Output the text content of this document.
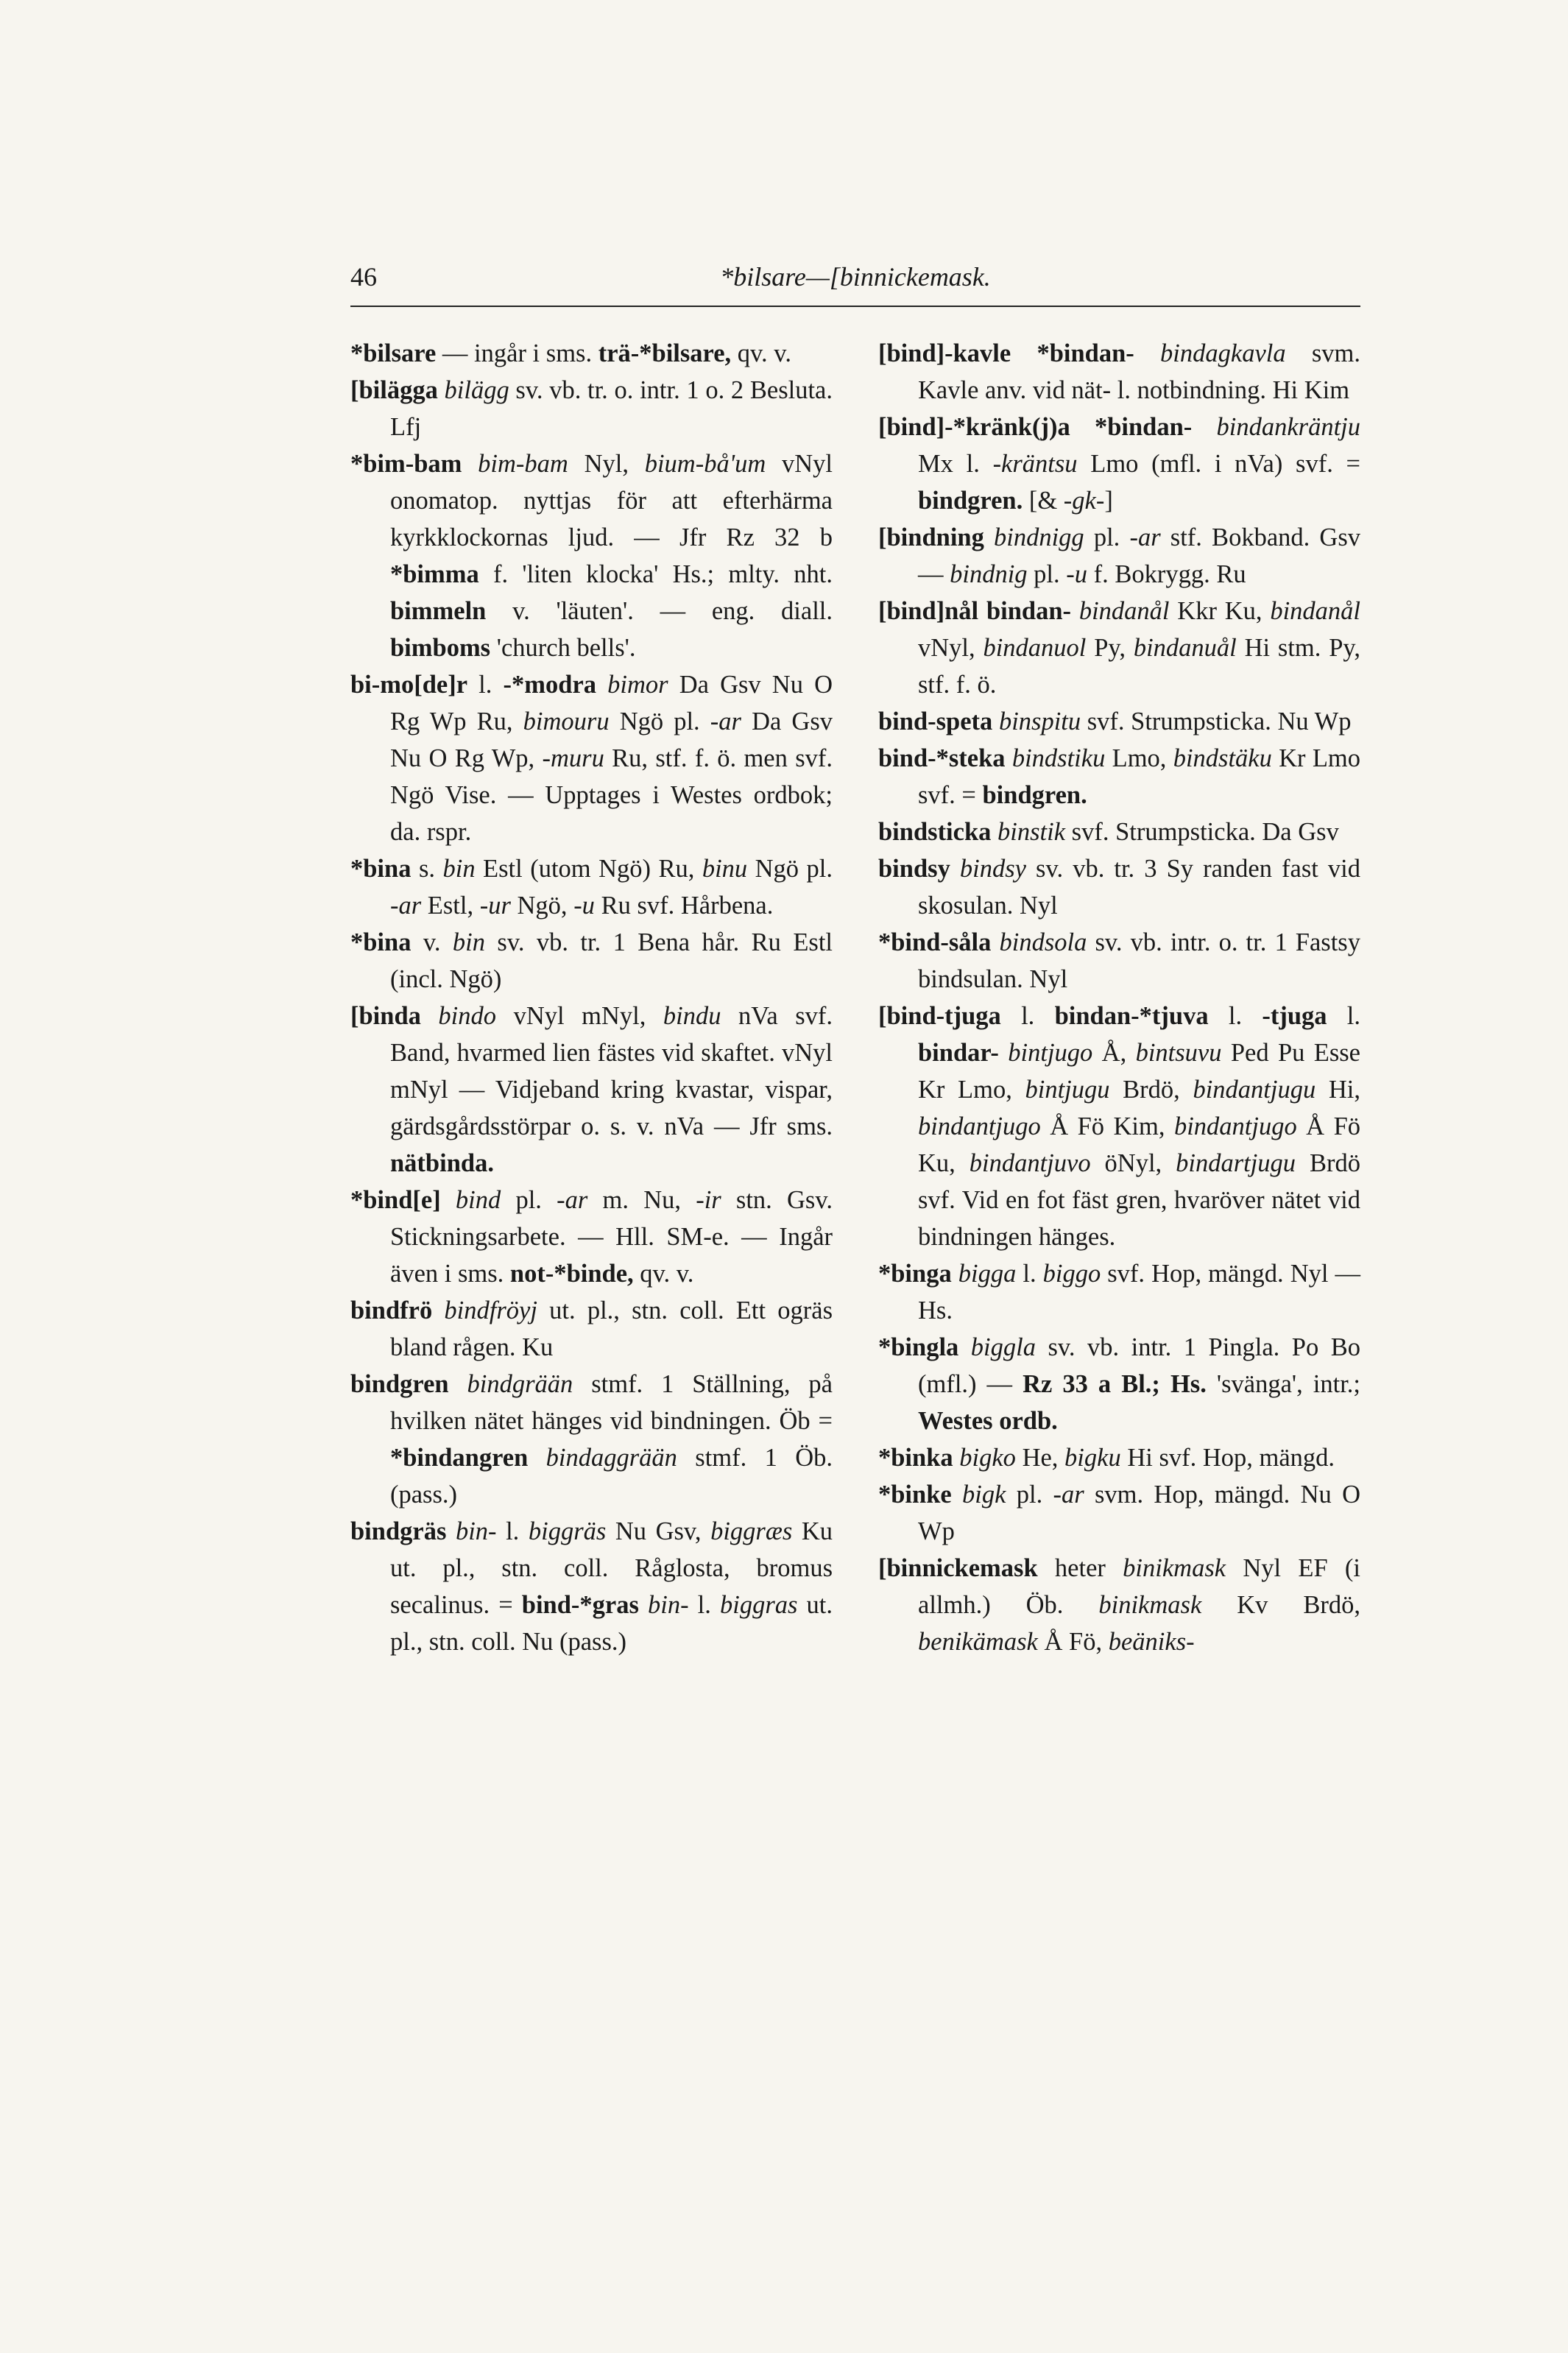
46	*bilsare—[binnickemask.

*bilsare — ingår i sms. trä-*bilsare, qv. v.

[bilägga bilägg sv. vb. tr. o. intr. 1 o. 2 Besluta. Lfj

*bim-bam bim-bam Nyl, bium-bå'um vNyl onomatop. nyttjas för att efterhärma kyrkklockornas ljud. — Jfr Rz 32 b *bimma f. 'liten klocka' Hs.; mlty. nht. bimmeln v. 'läuten'. — eng. diall. bimboms 'church bells'.

bi-mo[de]r l. -*modra bimor Da Gsv Nu O Rg Wp Ru, bimouru Ngö pl. -ar Da Gsv Nu O Rg Wp, -muru Ru, stf. f. ö. men svf. Ngö Vise. — Upptages i Westes ordbok; da. rspr.

*bina s. bin Estl (utom Ngö) Ru, binu Ngö pl. -ar Estl, -ur Ngö, -u Ru svf. Hårbena.

*bina v. bin sv. vb. tr. 1 Bena hår. Ru Estl (incl. Ngö)

[binda bindo vNyl mNyl, bindu nVa svf. Band, hvarmed lien fästes vid skaftet. vNyl mNyl — Vidjeband kring kvastar, vispar, gärdsgårdsstörpar o. s. v. nVa — Jfr sms. nätbinda.

*bind[e] bind pl. -ar m. Nu, -ir stn. Gsv. Stickningsarbete. — Hll. SM-e. — Ingår även i sms. not-*binde, qv. v.

bindfrö bindfröyj ut. pl., stn. coll. Ett ogräs bland rågen. Ku

bindgren bindgrään stmf. 1 Ställning, på hvilken nätet hänges vid bindningen. Öb = *bindangren bindaggrään stmf. 1 Öb. (pass.)

bindgräs bin- l. biggräs Nu Gsv, biggræs Ku ut. pl., stn. coll. Råglosta, bromus secalinus. = bind-*gras bin- l. biggras ut. pl., stn. coll. Nu (pass.)

[bind]-kavle *bindan- bindagkavla svm. Kavle anv. vid nät- l. notbindning. Hi Kim

[bind]-*kränk(j)a *bindan- bindankräntju Mx l. -kräntsu Lmo (mfl. i nVa) svf. = bindgren. [& -gk-]

[bindning bindnigg pl. -ar stf. Bokband. Gsv — bindnig pl. -u f. Bokrygg. Ru

[bind]nål bindan- bindanål Kkr Ku, bindanål vNyl, bindanuol Py, bindanuål Hi stm. Py, stf. f. ö.

bind-speta binspitu svf. Strumpsticka. Nu Wp

bind-*steka bindstiku Lmo, bindstäku Kr Lmo svf. = bindgren.

bindsticka binstik svf. Strumpsticka. Da Gsv

bindsy bindsy sv. vb. tr. 3 Sy randen fast vid skosulan. Nyl

*bind-såla bindsola sv. vb. intr. o. tr. 1 Fastsy bindsulan. Nyl

[bind-tjuga l. bindan-*tjuva l. -tjuga l. bindar- bintjugo Å, bintsuvu Ped Pu Esse Kr Lmo, bintjugu Brdö, bindantjugu Hi, bindantjugo Å Fö Kim, bindantjugo Å Fö Ku, bindantjuvo öNyl, bindartjugu Brdö svf. Vid en fot fäst gren, hvaröver nätet vid bindningen hänges.

*binga bigga l. biggo svf. Hop, mängd. Nyl — Hs.

*bingla biggla sv. vb. intr. 1 Pingla. Po Bo (mfl.) — Rz 33 a Bl.; Hs. 'svänga', intr.; Westes ordb.

*binka bigko He, bigku Hi svf. Hop, mängd.

*binke bigk pl. -ar svm. Hop, mängd. Nu O Wp

[binnickemask heter binikmask Nyl EF (i allmh.) Öb. binikmask Kv Brdö, benikämask Å Fö, beäniks-
